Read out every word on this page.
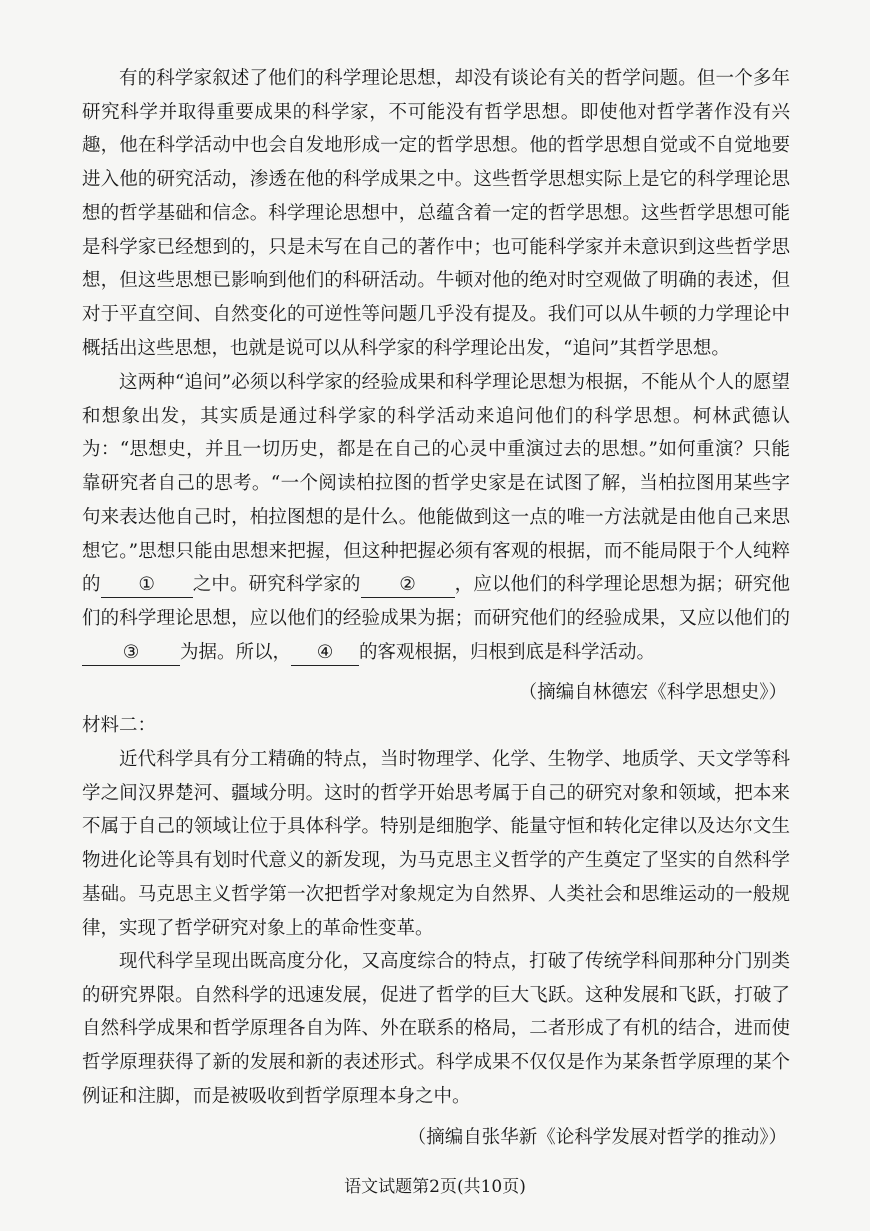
有的科学家叙述了他们的科学理论思想，却没有谈论有关的哲学问题。但一个多年研究科学并取得重要成果的科学家，不可能没有哲学思想。即使他对哲学著作没有兴趣，他在科学活动中也会自发地形成一定的哲学思想。他的哲学思想自觉或不自觉地要进入他的研究活动，渗透在他的科学成果之中。这些哲学思想实际上是它的科学理论思想的哲学基础和信念。科学理论思想中，总蕴含着一定的哲学思想。这些哲学思想可能是科学家已经想到的，只是未写在自己的著作中；也可能科学家并未意识到这些哲学思想，但这些思想已影响到他们的科研活动。牛顿对他的绝对时空观做了明确的表述，但对于平直空间、自然变化的可逆性等问题几乎没有提及。我们可以从牛顿的力学理论中概括出这些思想，也就是说可以从科学家的科学理论出发，“追问”其哲学思想。

这两种“追问”必须以科学家的经验成果和科学理论思想为根据，不能从个人的愿望和想象出发，其实质是通过科学家的科学活动来追问他们的科学思想。柯林武德认为：“思想史，并且一切历史，都是在自己的心灵中重演过去的思想。”如何重演？只能靠研究者自己的思考。“一个阅读柏拉图的哲学史家是在试图了解，当柏拉图用某些字句来表达他自己时，柏拉图想的是什么。他能做到这一点的唯一方法就是由他自己来思想它。”思想只能由思想来把握，但这种把握必须有客观的根据，而不能局限于个人纯粹的 ① 之中。研究科学家的 ② ，应以他们的科学理论思想为据；研究他们的科学理论思想，应以他们的经验成果为据；而研究他们的经验成果，又应以他们的③ 为据。所以， ④ 的客观根据，归根到底是科学活动。

（摘编自林德宏《科学思想史》）

材料二：

近代科学具有分工精确的特点，当时物理学、化学、生物学、地质学、天文学等科学之间汉界楚河、疆域分明。这时的哲学开始思考属于自己的研究对象和领域，把本来不属于自己的领域让位于具体科学。特别是细胞学、能量守恒和转化定律以及达尔文生物进化论等具有划时代意义的新发现，为马克思主义哲学的产生奠定了坚实的自然科学基础。马克思主义哲学第一次把哲学对象规定为自然界、人类社会和思维运动的一般规律，实现了哲学研究对象上的革命性变革。

现代科学呈现出既高度分化，又高度综合的特点，打破了传统学科间那种分门别类的研究界限。自然科学的迅速发展，促进了哲学的巨大飞跃。这种发展和飞跃，打破了自然科学成果和哲学原理各自为阵、外在联系的格局，二者形成了有机的结合，进而使哲学原理获得了新的发展和新的表述形式。科学成果不仅仅是作为某条哲学原理的某个例证和注脚，而是被吸收到哲学原理本身之中。

（摘编自张华新《论科学发展对哲学的推动》）

语文试题第2页(共10页)
